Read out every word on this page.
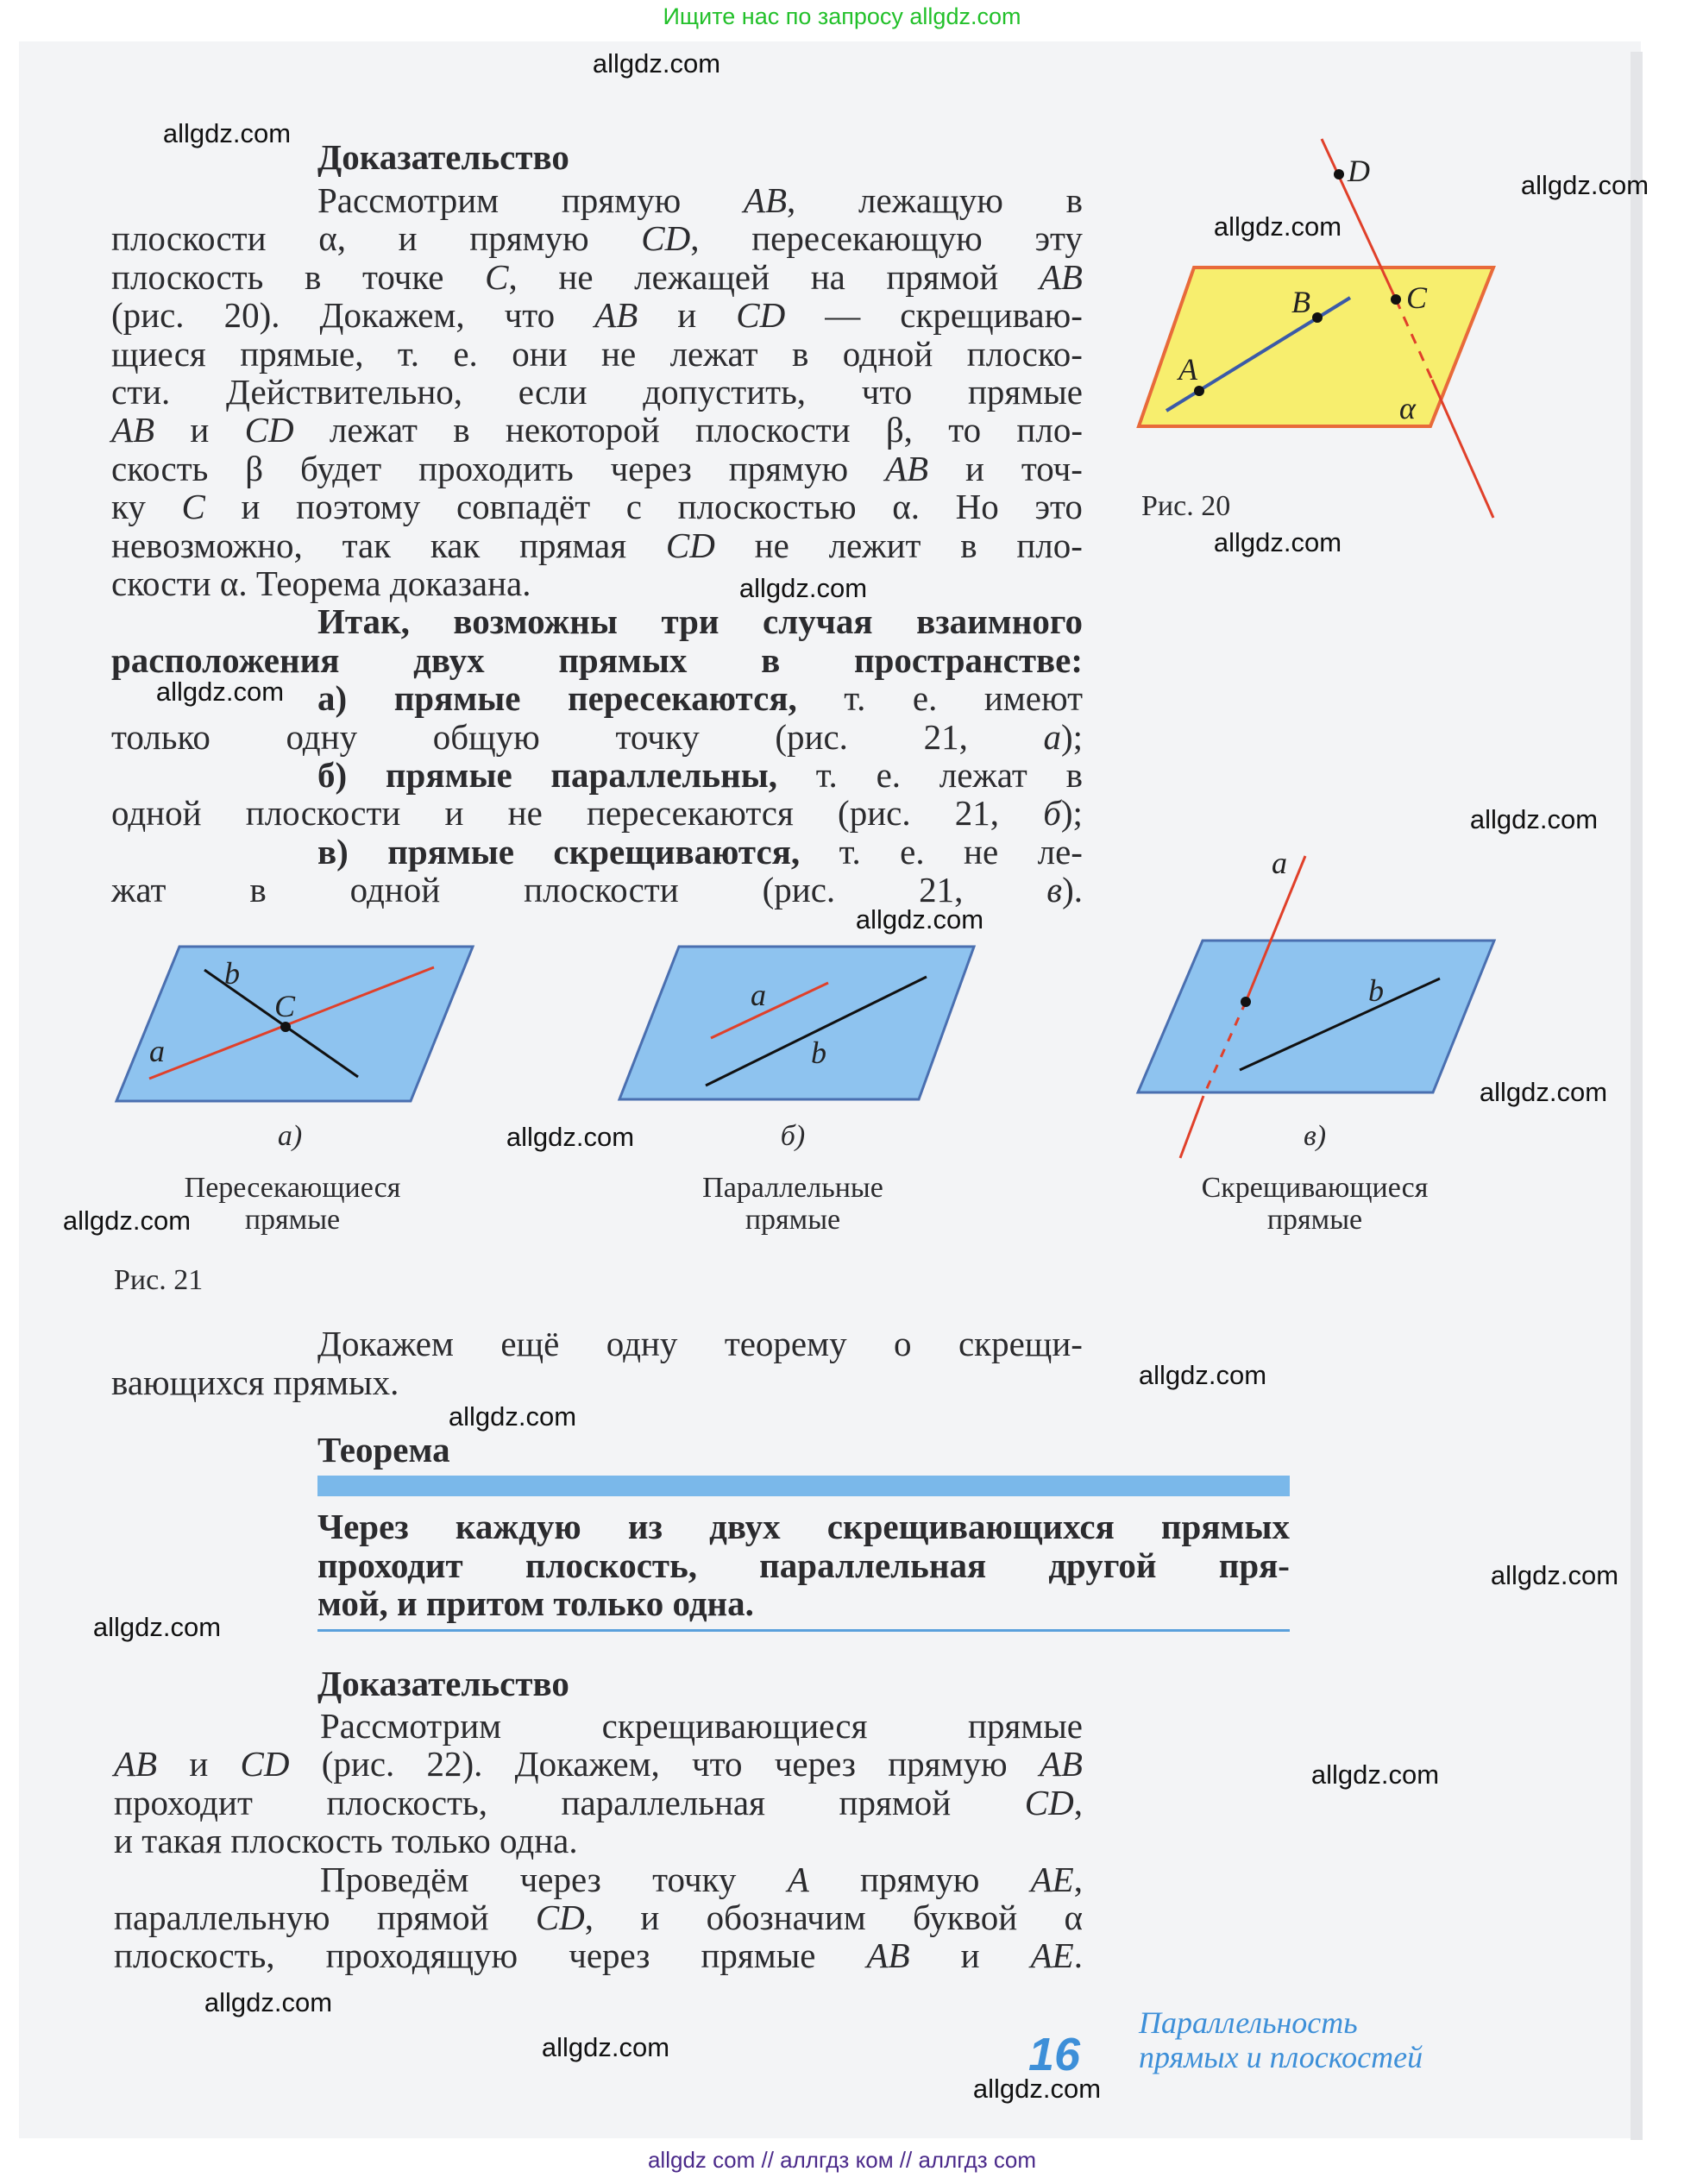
Ищите нас по запросу allgdz.com
Доказательство
Рассмотрим прямую AB, лежащую в
плоскости α, и прямую CD, пересекающую эту
плоскость в точке C, не лежащей на прямой AB
(рис. 20). Докажем, что AB и CD — скрещиваю-
щиеся прямые, т. е. они не лежат в одной плоско-
сти. Действительно, если допустить, что прямые
AB и CD лежат в некоторой плоскости β, то пло-
скость β будет проходить через прямую AB и точ-
ку C и поэтому совпадёт с плоскостью α. Но это
невозможно, так как прямая CD не лежит в пло-
скости α. Теорема доказана.
Итак, возможны три случая взаимного
расположения двух прямых в пространстве:
а) прямые пересекаются, т. е. имеют
только одну общую точку (рис. 21, а);
б) прямые параллельны, т. е. лежат в
одной плоскости и не пересекаются (рис. 21, б);
в) прямые скрещиваются, т. е. не ле-
жат в одной плоскости (рис. 21, в).
D
C
B
A
α
b
C
a
a
b
a
b
Рис. 20
а)	б)	в)
Пересекающиеся
прямые
Параллельные
прямые
Скрещивающиеся
прямые
Рис. 21
Докажем ещё одну теорему о скрещи-
вающихся прямых.
Теорема
Через каждую из двух скрещивающихся прямых
проходит плоскость, параллельная другой пря-
мой, и притом только одна.
Доказательство
Рассмотрим	скрещивающиеся	прямые
AB и CD (рис. 22). Докажем, что через прямую AB
проходит плоскость, параллельная прямой CD,
и такая плоскость только одна.
Проведём через точку A прямую AE,
параллельную прямой CD, и обозначим буквой α
плоскость, проходящую через прямые AB и AE.
16
Параллельность
прямых и плоскостей
allgdz com // аллгдз ком // аллгдз сom
allgdz.com
allgdz.com
allgdz.com
allgdz.com
allgdz.com
allgdz.com
allgdz.com
allgdz.com
allgdz.com
allgdz.com
allgdz.com
allgdz.com
allgdz.com
allgdz.com
allgdz.com
allgdz.com
allgdz.com
allgdz.com
allgdz.com
allgdz.com
